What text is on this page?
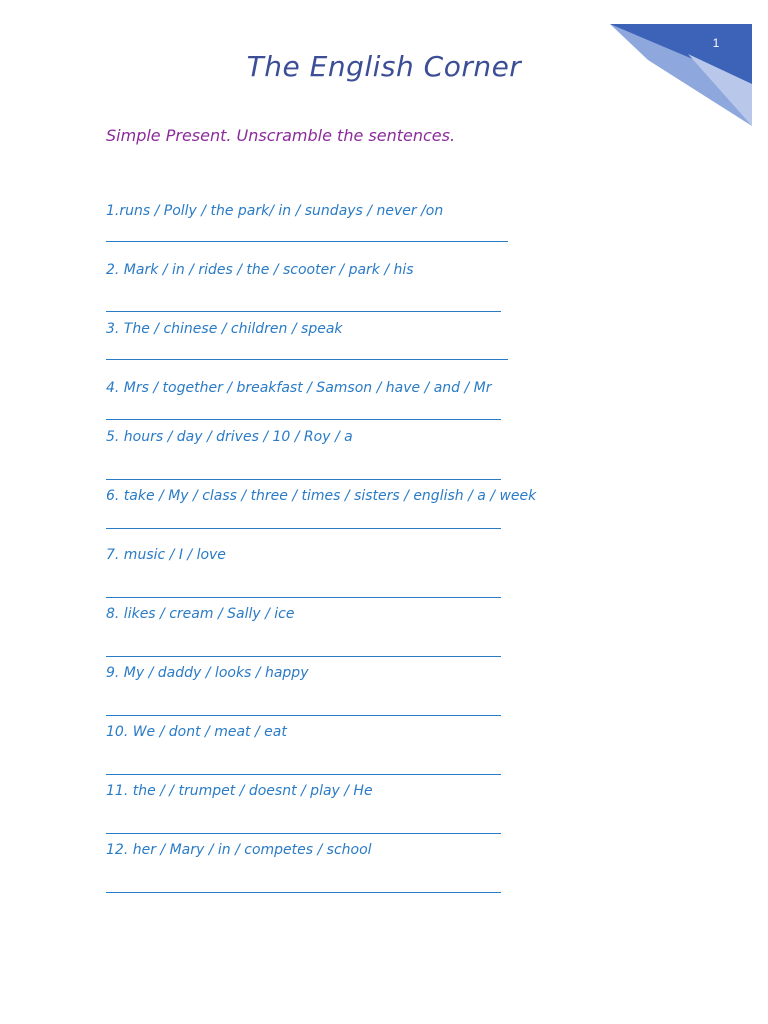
1
The English Corner
Simple Present. Unscramble the sentences.
1.runs / Polly / the park/ in / sundays / never /on
2. Mark / in / rides / the / scooter / park / his
3. The / chinese / children / speak
4. Mrs / together / breakfast / Samson / have / and / Mr
5. hours / day / drives / 10 / Roy / a
6. take / My / class / three / times / sisters / english / a / week
7. music / I / love
8. likes / cream / Sally / ice
9. My / daddy / looks / happy
10. We / dont / meat / eat
11. the / / trumpet / doesnt / play / He
12. her / Mary / in / competes / school
